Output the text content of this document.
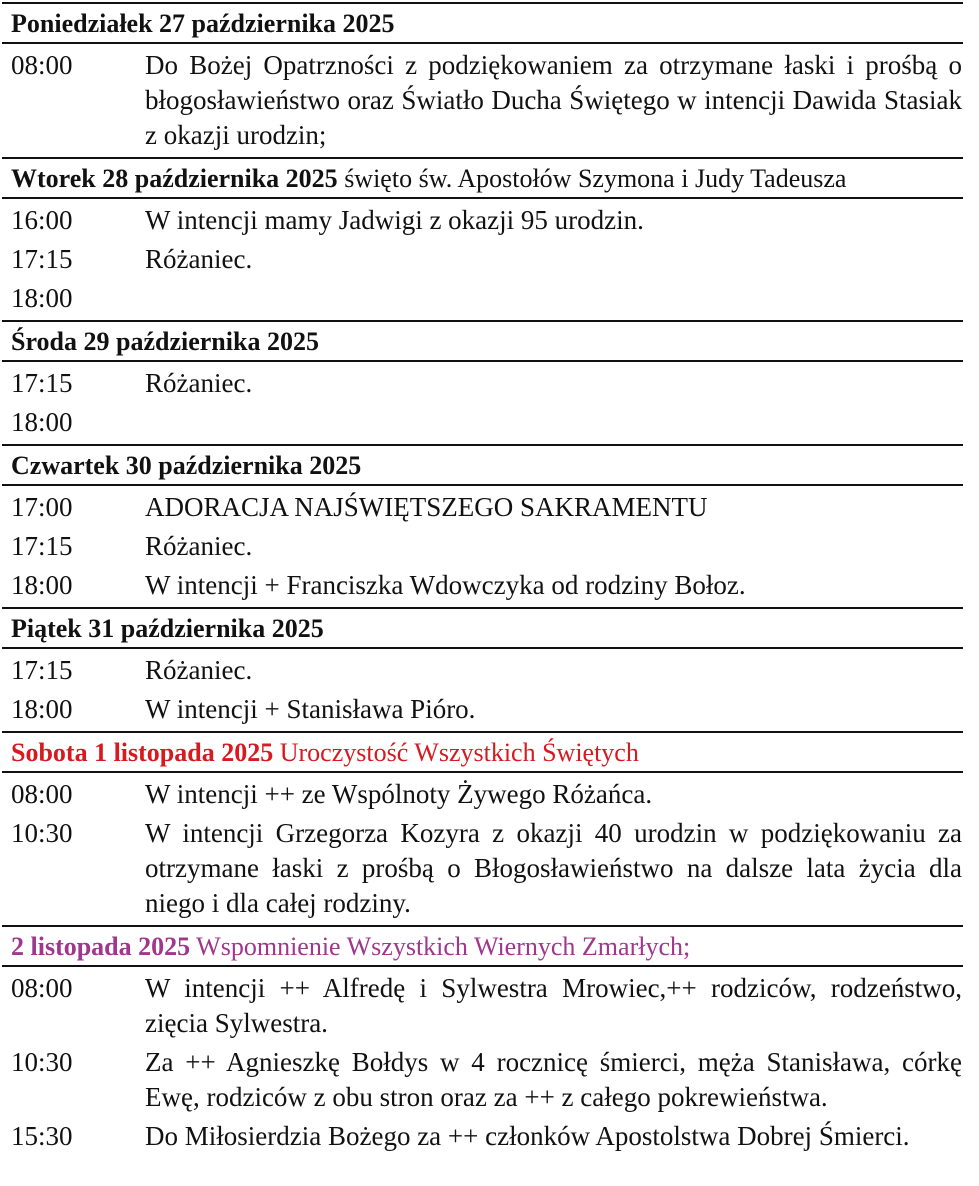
Poniedziałek 27 października 2025
08:00	Do Bożej Opatrzności z podziękowaniem za otrzymane łaski i prośbą o błogosławieństwo oraz Światło Ducha Świętego w intencji Dawida Stasiak z okazji urodzin;
Wtorek 28 października 2025 święto św. Apostołów Szymona i Judy Tadeusza
16:00	W intencji mamy Jadwigi z okazji 95 urodzin.
17:15	Różaniec.
18:00
Środa 29 października 2025
17:15	Różaniec.
18:00
Czwartek 30 października 2025
17:00	ADORACJA NAJŚWIĘTSZEGO SAKRAMENTU
17:15	Różaniec.
18:00	W intencji + Franciszka Wdowczyka od rodziny Bołoz.
Piątek 31 października 2025
17:15	Różaniec.
18:00	W intencji + Stanisława Pióro.
Sobota 1 listopada 2025 Uroczystość Wszystkich Świętych
08:00	W intencji ++ ze Wspólnoty Żywego Różańca.
10:30	W intencji Grzegorza Kozyra z okazji 40 urodzin w podziękowaniu za otrzymane łaski z prośbą o Błogosławieństwo na dalsze lata życia dla niego i dla całej rodziny.
2 listopada 2025 Wspomnienie Wszystkich Wiernych Zmarłych;
08:00	W intencji ++ Alfredę i Sylwestra Mrowiec,++ rodziców, rodzeństwo, zięcia Sylwestra.
10:30	Za ++ Agnieszkę Bołdys w 4 rocznicę śmierci, męża Stanisława, córkę Ewę, rodziców z obu stron oraz za ++ z całego pokrewieństwa.
15:30	Do Miłosierdzia Bożego za ++ członków Apostolstwa Dobrej Śmierci.
